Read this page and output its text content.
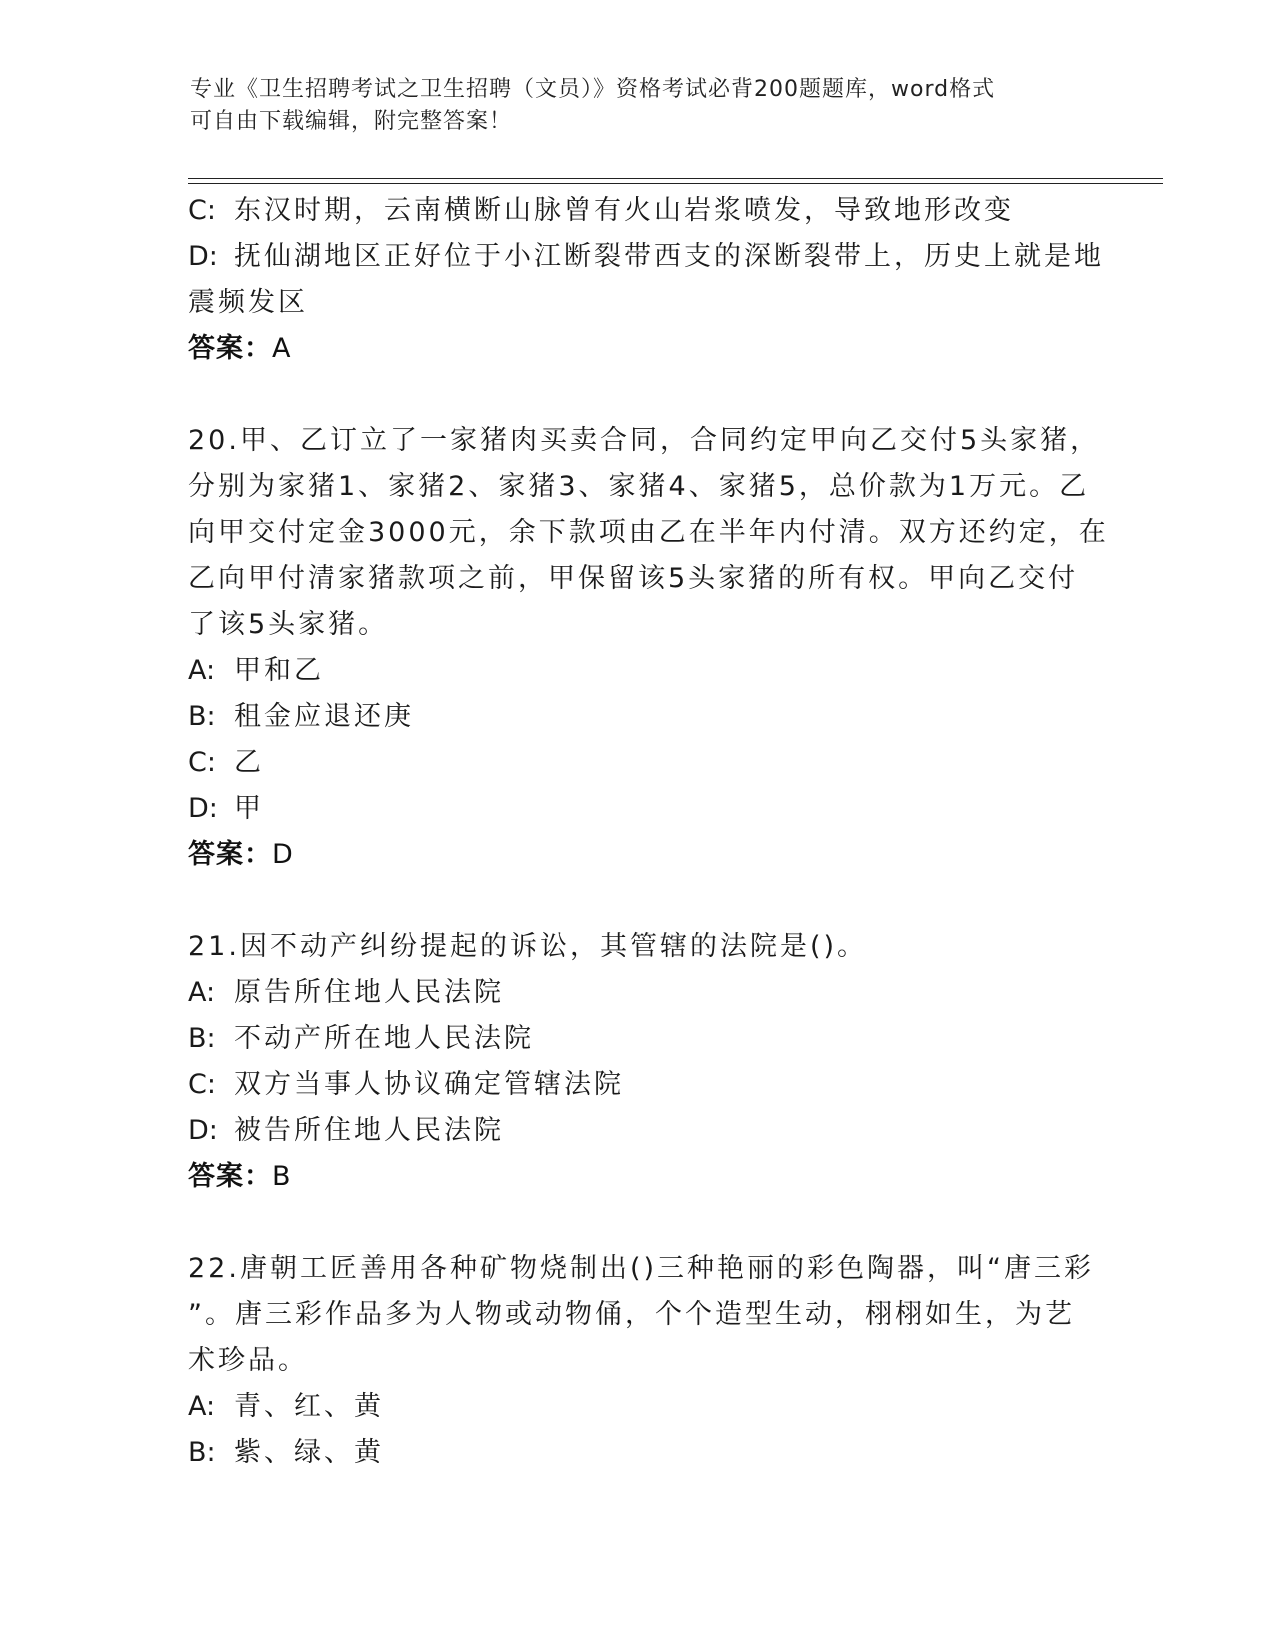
专业《卫生招聘考试之卫生招聘（文员）》资格考试必背200题题库，word格式
可自由下载编辑，附完整答案！
C: 东汉时期，云南横断山脉曾有火山岩浆喷发，导致地形改变
D: 抚仙湖地区正好位于小江断裂带西支的深断裂带上，历史上就是地
震频发区
答案：A
20.甲、乙订立了一家猪肉买卖合同，合同约定甲向乙交付5头家猪，
分别为家猪1、家猪2、家猪3、家猪4、家猪5，总价款为1万元。乙
向甲交付定金3000元，余下款项由乙在半年内付清。双方还约定，在
乙向甲付清家猪款项之前，甲保留该5头家猪的所有权。甲向乙交付
了该5头家猪。
A: 甲和乙
B: 租金应退还庚
C: 乙
D: 甲
答案：D
21.因不动产纠纷提起的诉讼，其管辖的法院是()。
A: 原告所住地人民法院
B: 不动产所在地人民法院
C: 双方当事人协议确定管辖法院
D: 被告所住地人民法院
答案：B
22.唐朝工匠善用各种矿物烧制出()三种艳丽的彩色陶器，叫“唐三彩
”。唐三彩作品多为人物或动物俑，个个造型生动，栩栩如生，为艺
术珍品。
A: 青、红、黄
B: 紫、绿、黄
